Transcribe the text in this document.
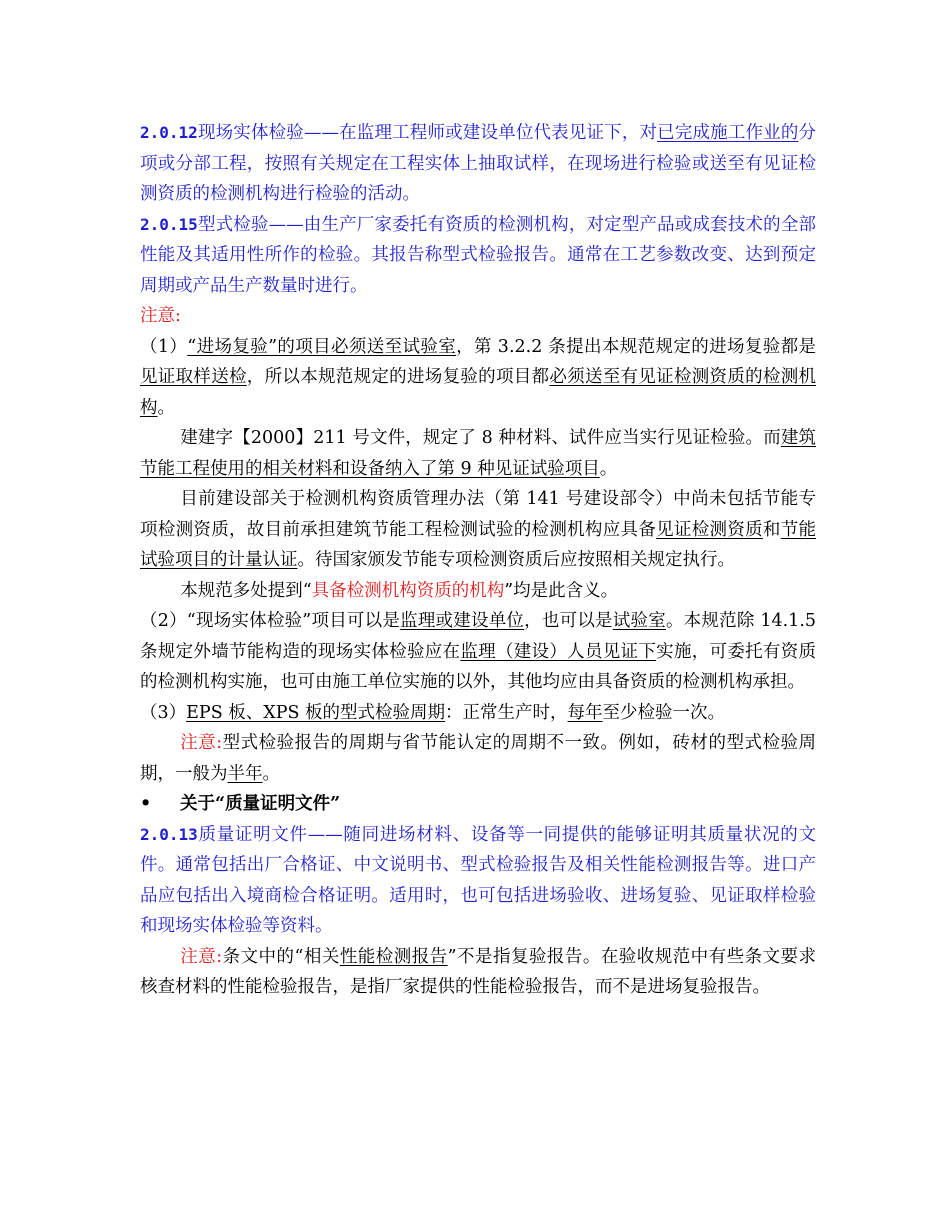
2.0.12现场实体检验——在监理工程师或建设单位代表见证下，对已完成施工作业的分项或分部工程，按照有关规定在工程实体上抽取试样，在现场进行检验或送至有见证检测资质的检测机构进行检验的活动。

2.0.15型式检验——由生产厂家委托有资质的检测机构，对定型产品或成套技术的全部性能及其适用性所作的检验。其报告称型式检验报告。通常在工艺参数改变、达到预定周期或产品生产数量时进行。

注意:

（1）“进场复验”的项目必须送至试验室，第 3.2.2 条提出本规范规定的进场复验都是见证取样送检，所以本规范规定的进场复验的项目都必须送至有见证检测资质的检测机构。

建建字【2000】211 号文件，规定了 8 种材料、试件应当实行见证检验。而建筑节能工程使用的相关材料和设备纳入了第 9 种见证试验项目。

目前建设部关于检测机构资质管理办法（第 141 号建设部令）中尚未包括节能专项检测资质，故目前承担建筑节能工程检测试验的检测机构应具备见证检测资质和节能试验项目的计量认证。待国家颁发节能专项检测资质后应按照相关规定执行。

本规范多处提到“具备检测机构资质的机构”均是此含义。

（2）“现场实体检验”项目可以是监理或建设单位，也可以是试验室。本规范除 14.1.5 条规定外墙节能构造的现场实体检验应在监理（建设）人员见证下实施，可委托有资质的检测机构实施，也可由施工单位实施的以外，其他均应由具备资质的检测机构承担。

（3）EPS 板、XPS 板的型式检验周期：正常生产时，每年至少检验一次。

注意:型式检验报告的周期与省节能认定的周期不一致。例如，砖材的型式检验周期，一般为半年。

•	关于“质量证明文件”

2.0.13质量证明文件——随同进场材料、设备等一同提供的能够证明其质量状况的文件。通常包括出厂合格证、中文说明书、型式检验报告及相关性能检测报告等。进口产品应包括出入境商检合格证明。适用时，也可包括进场验收、进场复验、见证取样检验和现场实体检验等资料。

注意:条文中的“相关性能检测报告”不是指复验报告。在验收规范中有些条文要求核查材料的性能检验报告，是指厂家提供的性能检验报告，而不是进场复验报告。
